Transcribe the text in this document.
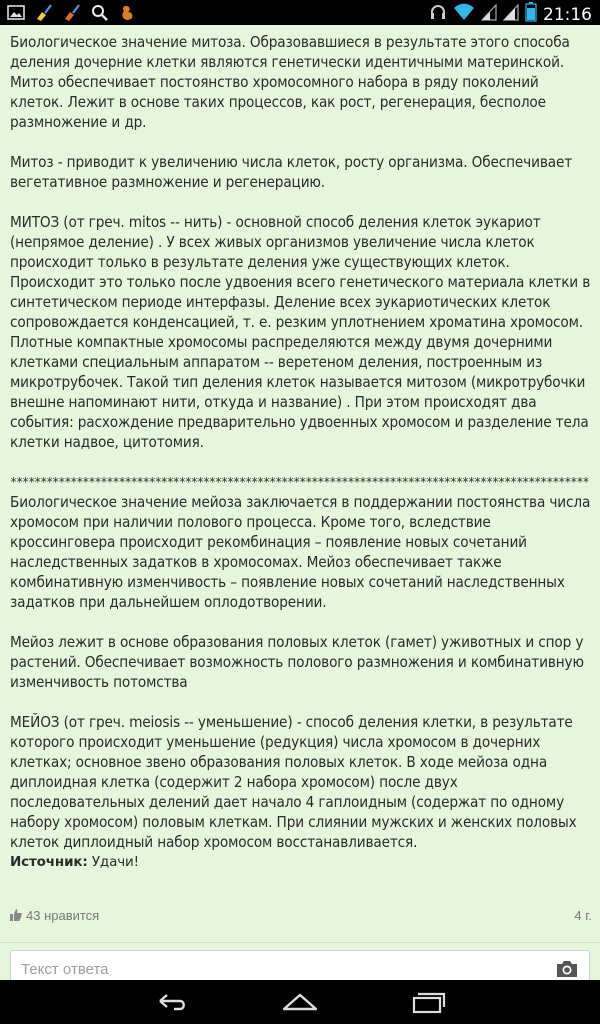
21:16

Биологическое значение митоза. Образовавшиеся в результате этого способа деления дочерние клетки являются генетически идентичными материнской. Митоз обеспечивает постоянство хромосомного набора в ряду поколений клеток. Лежит в основе таких процессов, как рост, регенерация, бесполое размножение и др.

Митоз - приводит к увеличению числа клеток, росту организма. Обеспечивает вегетативное размножение и регенерацию.

МИТОЗ (от греч. mitos -- нить) - основной способ деления клеток эукариот (непрямое деление) . У всех живых организмов увеличение числа клеток происходит только в результате деления уже существующих клеток. Происходит это только после удвоения всего генетического материала клетки в синтетическом периоде интерфазы. Деление всех эукариотических клеток сопровождается конденсацией, т. е. резким уплотнением хроматина хромосом. Плотные компактные хромосомы распределяются между двумя дочерними клетками специальным аппаратом -- веретеном деления, построенным из микротрубочек. Такой тип деления клеток называется митозом (микротрубочки внешне напоминают нити, откуда и название) . При этом происходят два события: расхождение предварительно удвоенных хромосом и разделение тела клетки надвое, цитотомия.

************************************************************************************************

Биологическое значение мейоза заключается в поддержании постоянства числа хромосом при наличии полового процесса. Кроме того, вследствие кроссинговера происходит рекомбинация – появление новых сочетаний наследственных задатков в хромосомах. Мейоз обеспечивает также комбинативную изменчивость – появление новых сочетаний наследственных задатков при дальнейшем оплодотворении.

Мейоз лежит в основе образования половых клеток (гамет) уживотных и спор у растений. Обеспечивает возможность полового размножения и комбинативную изменчивость потомства

МЕЙОЗ (от греч. meiosis -- уменьшение) - способ деления клетки, в результате которого происходит уменьшение (редукция) числа хромосом в дочерних клетках; основное звено образования половых клеток. В ходе мейоза одна диплоидная клетка (содержит 2 набора хромосом) после двух последовательных делений дает начало 4 гаплоидным (содержат по одному набору хромосом) половым клеткам. При слиянии мужских и женских половых клеток диплоидный набор хромосом восстанавливается.

Источник: Удачи!
43 нравится	4 г.
Текст ответа
